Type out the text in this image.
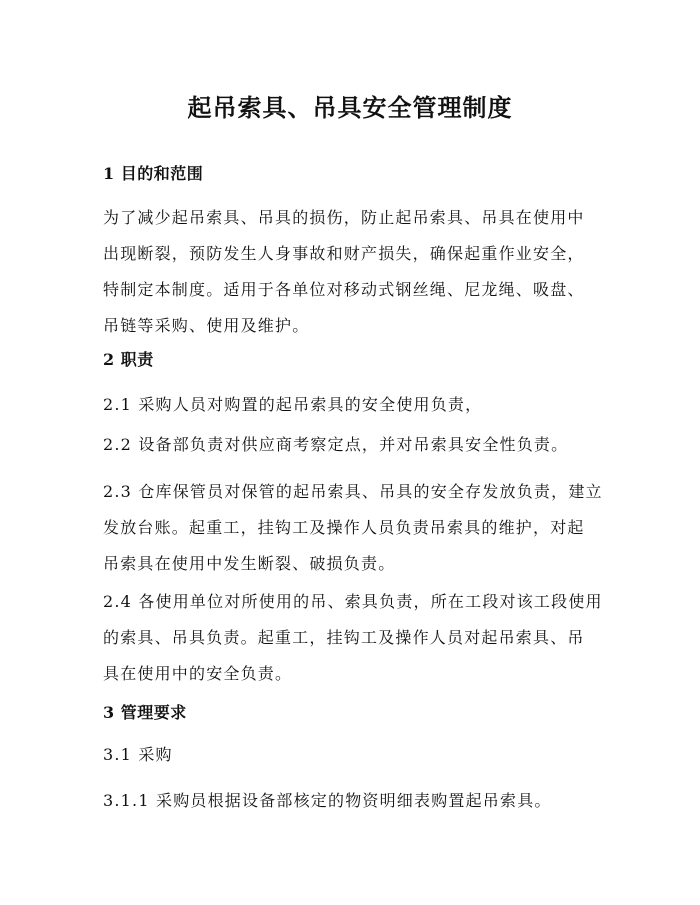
起吊索具、吊具安全管理制度
1 目的和范围
为了减少起吊索具、吊具的损伤，防止起吊索具、吊具在使用中
出现断裂，预防发生人身事故和财产损失，确保起重作业安全，
特制定本制度。适用于各单位对移动式钢丝绳、尼龙绳、吸盘、
吊链等采购、使用及维护。
2 职责
2.1 采购人员对购置的起吊索具的安全使用负责，
2.2 设备部负责对供应商考察定点，并对吊索具安全性负责。
2.3 仓库保管员对保管的起吊索具、吊具的安全存发放负责，建立
发放台账。起重工，挂钩工及操作人员负责吊索具的维护，对起
吊索具在使用中发生断裂、破损负责。
2.4 各使用单位对所使用的吊、索具负责，所在工段对该工段使用
的索具、吊具负责。起重工，挂钩工及操作人员对起吊索具、吊
具在使用中的安全负责。
3 管理要求
3.1 采购
3.1.1 采购员根据设备部核定的物资明细表购置起吊索具。
